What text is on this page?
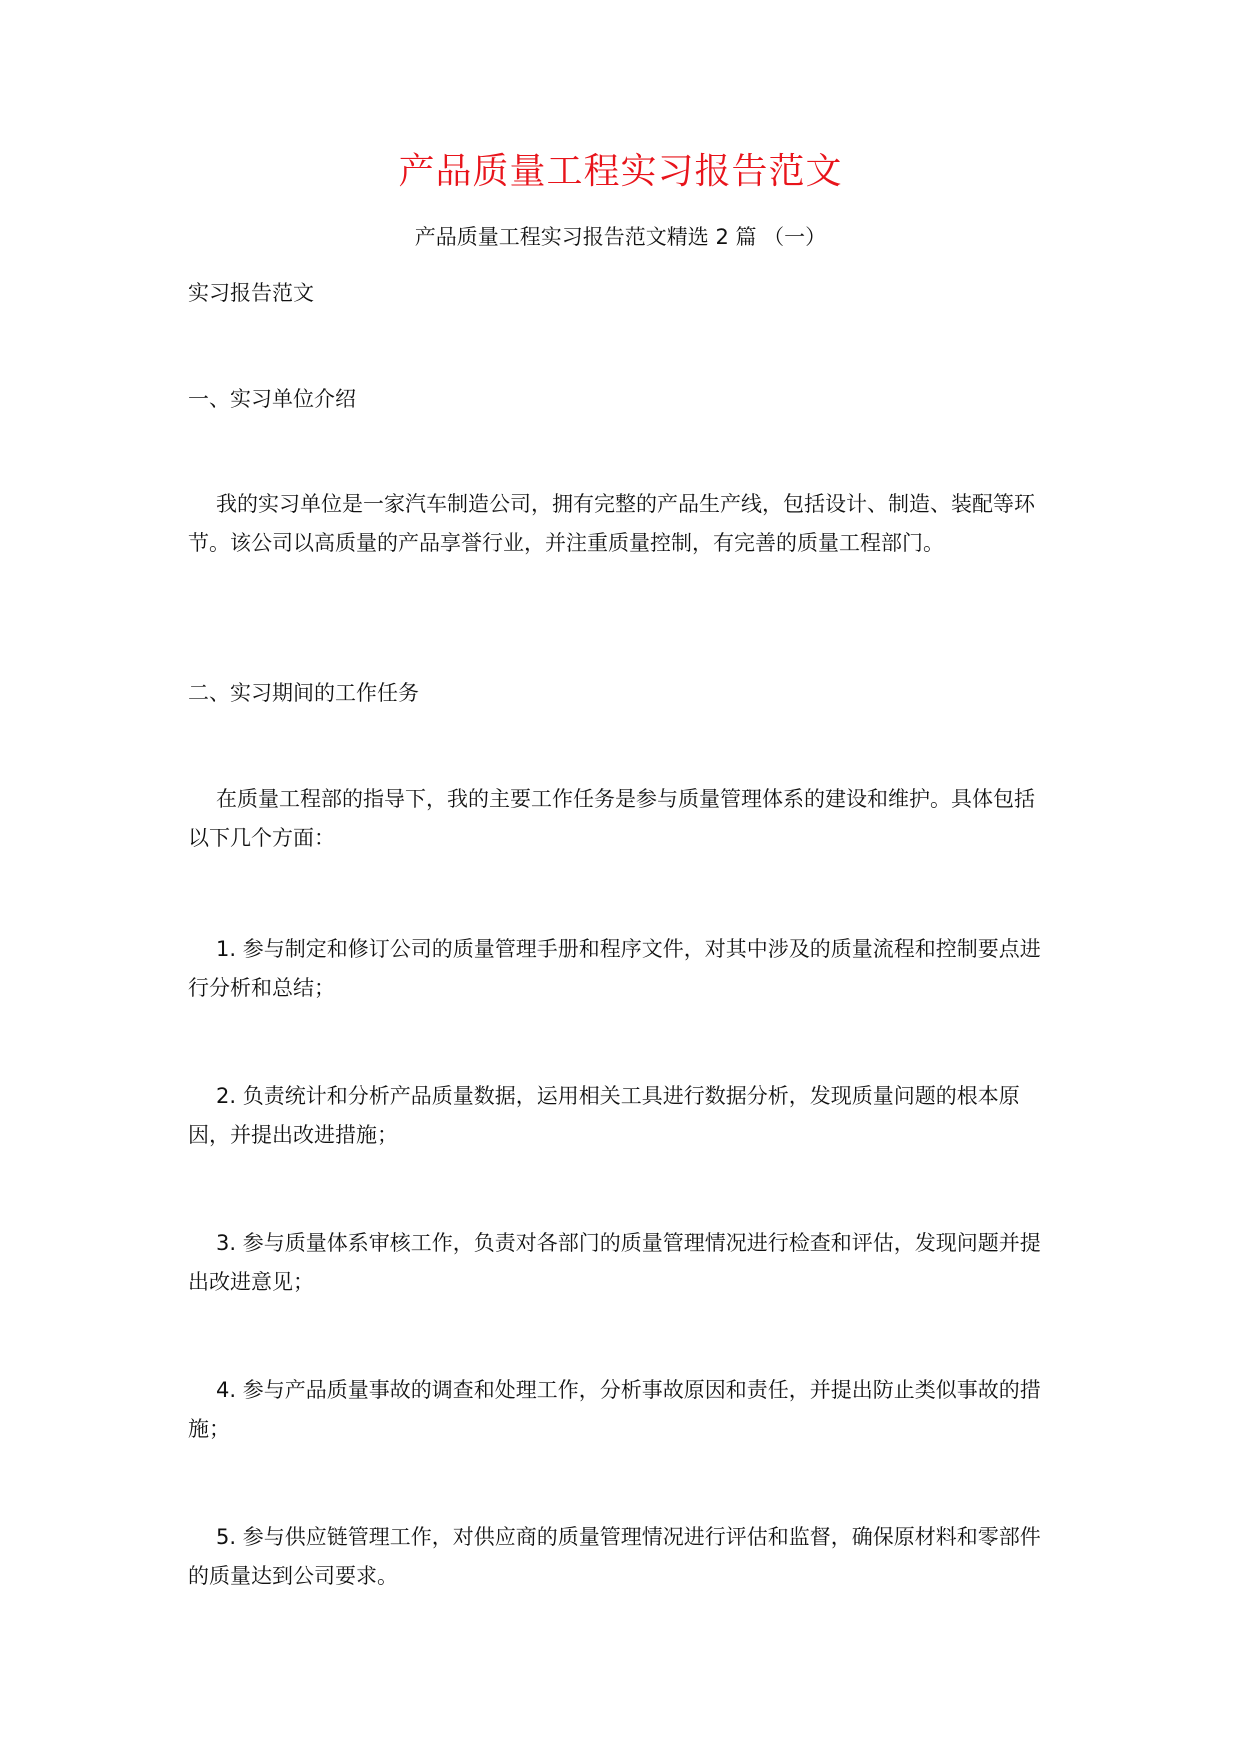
产品质量工程实习报告范文
产品质量工程实习报告范文精选 2 篇 （一）

实习报告范文

一、实习单位介绍

我的实习单位是一家汽车制造公司，拥有完整的产品生产线，包括设计、制造、装配等环节。该公司以高质量的产品享誉行业，并注重质量控制，有完善的质量工程部门。

二、实习期间的工作任务

在质量工程部的指导下，我的主要工作任务是参与质量管理体系的建设和维护。具体包括以下几个方面：

1. 参与制定和修订公司的质量管理手册和程序文件，对其中涉及的质量流程和控制要点进行分析和总结；

2. 负责统计和分析产品质量数据，运用相关工具进行数据分析，发现质量问题的根本原因，并提出改进措施；

3. 参与质量体系审核工作，负责对各部门的质量管理情况进行检查和评估，发现问题并提出改进意见；

4. 参与产品质量事故的调查和处理工作，分析事故原因和责任，并提出防止类似事故的措施；

5. 参与供应链管理工作，对供应商的质量管理情况进行评估和监督，确保原材料和零部件的质量达到公司要求。
